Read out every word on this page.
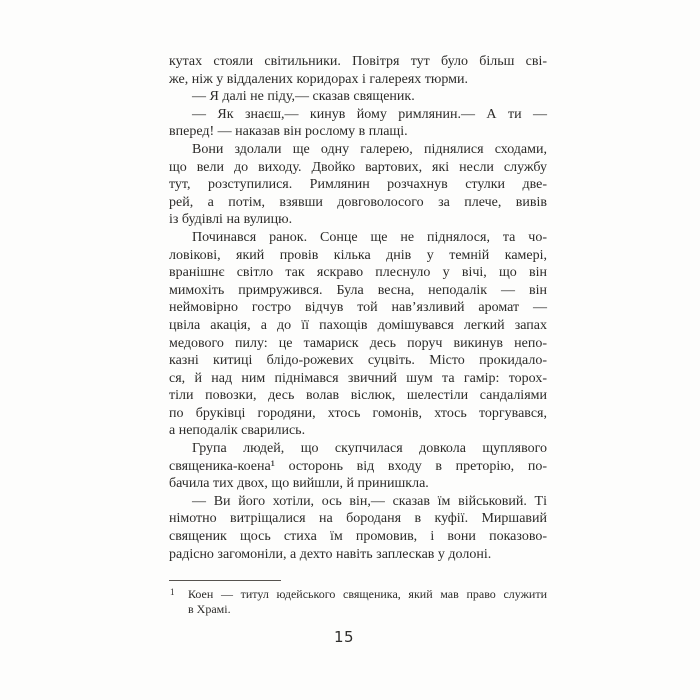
кутах стояли світильники. Повітря тут було більш сві-
же, ніж у віддалених коридорах і галереях тюрми.
— Я далі не піду,— сказав священик.
— Як знаєш,— кинув йому римлянин.— А ти —
вперед! — наказав він рослому в плащі.
Вони здолали ще одну галерею, піднялися сходами,
що вели до виходу. Двойко вартових, які несли службу
тут, розступилися. Римлянин розчахнув стулки две-
рей, а потім, взявши довговолосого за плече, вивів
із будівлі на вулицю.
Починався ранок. Сонце ще не піднялося, та чо-
ловікові, який провів кілька днів у темній камері,
вранішнє світло так яскраво плеснуло у вічі, що він
мимохіть примружився. Була весна, неподалік — він
неймовірно гостро відчув той нав’язливий аромат —
цвіла акація, а до її пахощів домішувався легкий запах
медового пилу: це тамариск десь поруч викинув непо-
казні китиці блідо-рожевих суцвіть. Місто прокидало-
ся, й над ним піднімався звичний шум та гамір: торох-
тіли повозки, десь волав віслюк, шелестіли сандаліями
по бруківці городяни, хтось гомонів, хтось торгувався,
а неподалік сварились.
Група людей, що скупчилася довкола щуплявого
священика-коена¹ осторонь від входу в преторію, по-
бачила тих двох, що вийшли, й принишкла.
— Ви його хотіли, ось він,— сказав їм військовий. Ті
німотно витріщалися на бороданя в куфії. Миршавий
священик щось стиха їм промовив, і вони показово-
радісно загомоніли, а дехто навіть заплескав у долоні.
1 Коен — титул юдейського священика, який мав право служити
в Храмі.
15
